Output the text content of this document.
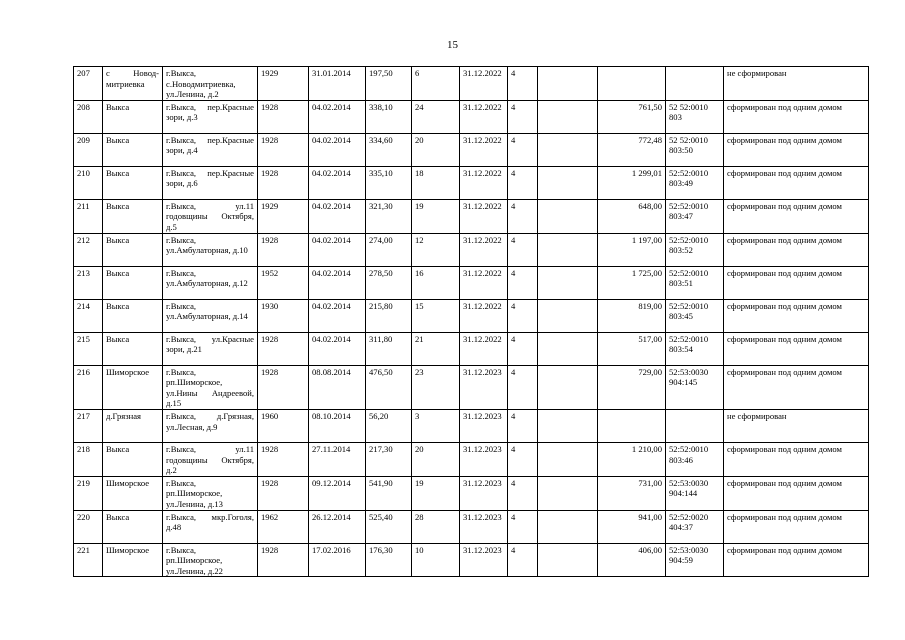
15
207	с Новод-митриевка	г.Выкса, с.Новодмитриевка, ул.Ленина, д.2	1929	31.01.2014	197,50	6	31.12.2022	4				не сформирован
208	Выкса	г.Выкса, пер.Красные зори, д.3	1928	04.02.2014	338,10	24	31.12.2022	4		761,50	52 52:0010 803	сформирован под одним домом
209	Выкса	г.Выкса, пер.Красные зори, д.4	1928	04.02.2014	334,60	20	31.12.2022	4		772,48	52 52:0010 803:50	сформирован под одним домом
210	Выкса	г.Выкса, пер.Красные зори, д.6	1928	04.02.2014	335,10	18	31.12.2022	4		1 299,01	52:52:0010 803:49	сформирован под одним домом
211	Выкса	г.Выкса, ул.11 годовщины Октября, д.5	1929	04.02.2014	321,30	19	31.12.2022	4		648,00	52:52:0010 803:47	сформирован под одним домом
212	Выкса	г.Выкса, ул.Амбулаторная, д.10	1928	04.02.2014	274,00	12	31.12.2022	4		1 197,00	52:52:0010 803:52	сформирован под одним домом
213	Выкса	г.Выкса, ул.Амбулаторная, д.12	1952	04.02.2014	278,50	16	31.12.2022	4		1 725,00	52:52:0010 803:51	сформирован под одним домом
214	Выкса	г.Выкса, ул.Амбулаторная, д.14	1930	04.02.2014	215,80	15	31.12.2022	4		819,00	52:52:0010 803:45	сформирован под одним домом
215	Выкса	г.Выкса, ул.Красные зори, д.21	1928	04.02.2014	311,80	21	31.12.2022	4		517,00	52:52:0010 803:54	сформирован под одним домом
216	Шиморское	г.Выкса, рп.Шиморское, ул.Нины Андреевой, д.15	1928	08.08.2014	476,50	23	31.12.2023	4		729,00	52:53:0030 904:145	сформирован под одним домом
217	д.Грязная	г.Выкса, д.Грязная, ул.Лесная, д.9	1960	08.10.2014	56,20	3	31.12.2023	4				не сформирован
218	Выкса	г.Выкса, ул.11 годовщины Октября, д.2	1928	27.11.2014	217,30	20	31.12.2023	4		1 210,00	52:52:0010 803:46	сформирован под одним домом
219	Шиморское	г.Выкса, рп.Шиморское, ул.Ленина, д.13	1928	09.12.2014	541,90	19	31.12.2023	4		731,00	52:53:0030 904:144	сформирован под одним домом
220	Выкса	г.Выкса, мкр.Гоголя, д.48	1962	26.12.2014	525,40	28	31.12.2023	4		941,00	52:52:0020 404:37	сформирован под одним домом
221	Шиморское	г.Выкса, рп.Шиморское, ул.Ленина, д.22	1928	17.02.2016	176,30	10	31.12.2023	4		406,00	52:53:0030 904:59	сформирован под одним домом
